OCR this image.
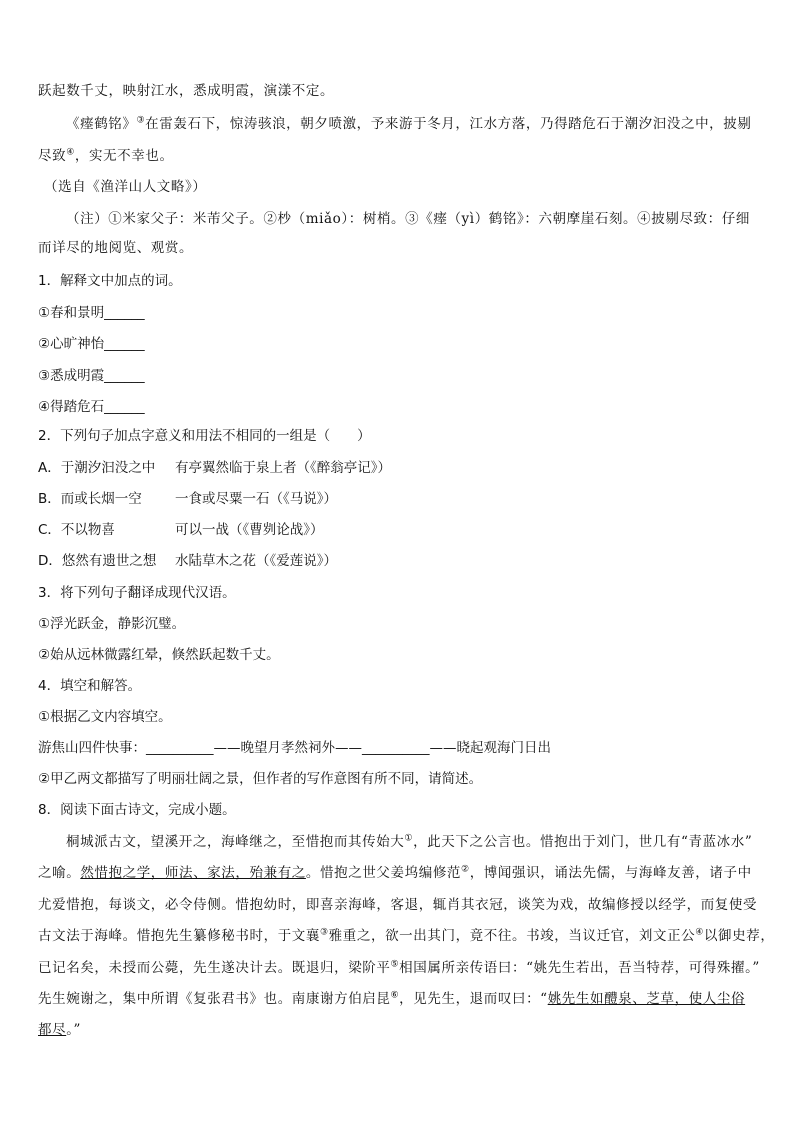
跃起数千丈，映射江水，悉成明霞，演漾不定。
《瘗鹤铭》③在雷轰石下，惊涛骇浪，朝夕喷激，予来游于冬月，江水方落，乃得踏危石于潮汐汩没之中，披剔
尽致④，实无不幸也。
（选自《渔洋山人文略》）
（注）①米家父子：米芾父子。②杪（miǎo）：树梢。③《瘗（yì）鹤铭》：六朝摩崖石刻。④披剔尽致：仔细
而详尽的地阅览、观赏。
1．解释文中加点的词。
①春和景明______
②心旷神怡______
③悉成明霞______
④得踏危石______
2．下列句子加点字意义和用法不相同的一组是（　　）
A．于潮汐汩没之中 有亭翼然临于泉上者（《醉翁亭记》）
B．而或长烟一空 一食或尽粟一石（《马说》）
C．不以物喜	可以一战（《曹刿论战》）
D．悠然有遗世之想 水陆草木之花（《爱莲说》）
3．将下列句子翻译成现代汉语。
①浮光跃金，静影沉璧。
②始从远林微露红晕，倏然跃起数千丈。
4．填空和解答。
①根据乙文内容填空。
游焦山四件快事：__________——晚望月孝然祠外——__________——晓起观海门日出
②甲乙两文都描写了明丽壮阔之景，但作者的写作意图有所不同，请简述。
8．阅读下面古诗文，完成小题。
桐城派古文，望溪开之，海峰继之，至惜抱而其传始大①，此天下之公言也。惜抱出于刘门，世几有“青蓝冰水”
之喻。然惜抱之学，师法、家法，殆兼有之。惜抱之世父姜坞编修范②，博闻强识，诵法先儒，与海峰友善，诸子中
尤爱惜抱，每谈文，必令侍侧。惜抱幼时，即喜亲海峰，客退，辄肖其衣冠，谈笑为戏，故编修授以经学，而复使受
古文法于海峰。惜抱先生纂修秘书时，于文襄③雅重之，欲一出其门，竟不往。书竣，当议迁官，刘文正公④以御史荐，
已记名矣，未授而公薨，先生遂决计去。既退归，梁阶平⑤相国属所亲传语曰：“姚先生若出，吾当特荐，可得殊擢。”
先生婉谢之，集中所谓《复张君书》也。南康谢方伯启昆⑥，见先生，退而叹曰：“姚先生如醴泉、芝草，使人尘俗
都尽。”
